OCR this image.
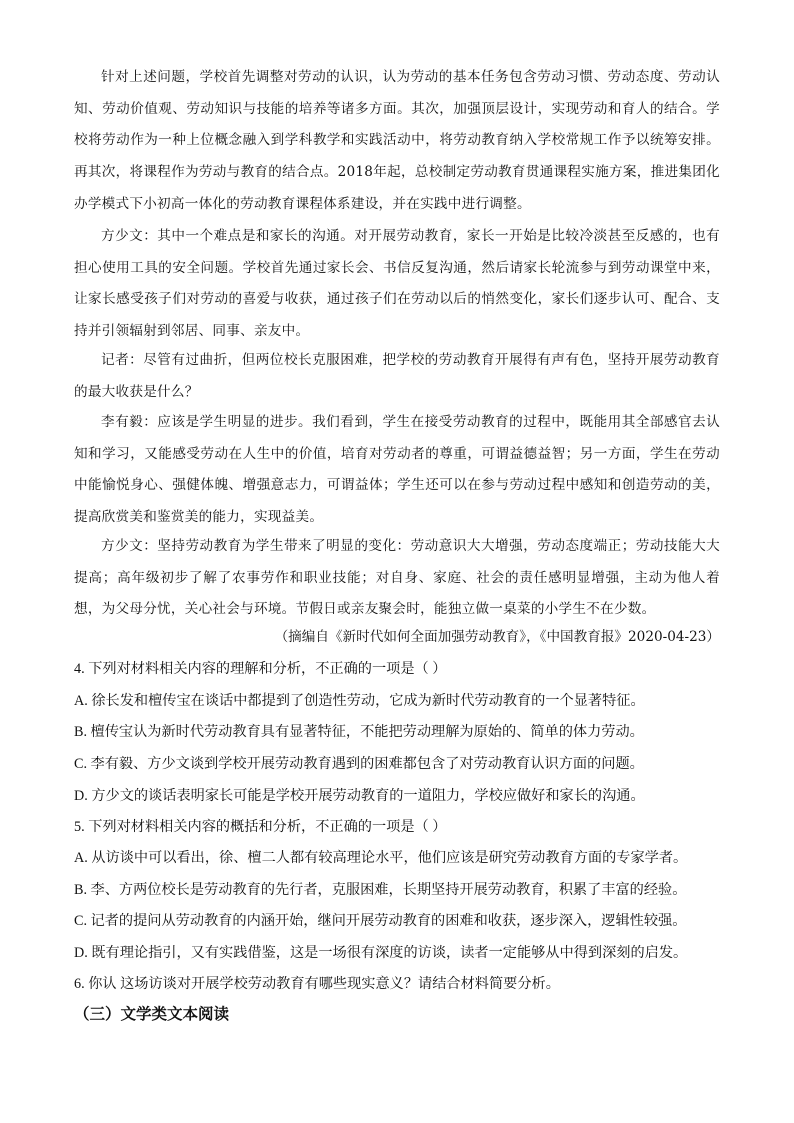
针对上述问题，学校首先调整对劳动的认识，认为劳动的基本任务包含劳动习惯、劳动态度、劳动认知、劳动价值观、劳动知识与技能的培养等诸多方面。其次，加强顶层设计，实现劳动和育人的结合。学校将劳动作为一种上位概念融入到学科教学和实践活动中，将劳动教育纳入学校常规工作予以统筹安排。再其次，将课程作为劳动与教育的结合点。2018年起，总校制定劳动教育贯通课程实施方案，推进集团化办学模式下小初高一体化的劳动教育课程体系建设，并在实践中进行调整。

方少文：其中一个难点是和家长的沟通。对开展劳动教育，家长一开始是比较冷淡甚至反感的，也有担心使用工具的安全问题。学校首先通过家长会、书信反复沟通，然后请家长轮流参与到劳动课堂中来，让家长感受孩子们对劳动的喜爱与收获，通过孩子们在劳动以后的悄然变化，家长们逐步认可、配合、支持并引领辐射到邻居、同事、亲友中。

记者：尽管有过曲折，但两位校长克服困难，把学校的劳动教育开展得有声有色，坚持开展劳动教育的最大收获是什么？

李有毅：应该是学生明显的进步。我们看到，学生在接受劳动教育的过程中，既能用其全部感官去认知和学习，又能感受劳动在人生中的价值，培育对劳动者的尊重，可谓益德益智；另一方面，学生在劳动中能愉悦身心、强健体魄、增强意志力，可谓益体；学生还可以在参与劳动过程中感知和创造劳动的美，提高欣赏美和鉴赏美的能力，实现益美。

方少文：坚持劳动教育为学生带来了明显的变化：劳动意识大大增强，劳动态度端正；劳动技能大大提高；高年级初步了解了农事劳作和职业技能；对自身、家庭、社会的责任感明显增强，主动为他人着想，为父母分忧，关心社会与环境。节假日或亲友聚会时，能独立做一桌菜的小学生不在少数。

（摘编自《新时代如何全面加强劳动教育》，《中国教育报》2020-04-23）
4. 下列对材料相关内容的理解和分析，不正确的一项是（ ）
A. 徐长发和檀传宝在谈话中都提到了创造性劳动，它成为新时代劳动教育的一个显著特征。
B. 檀传宝认为新时代劳动教育具有显著特征，不能把劳动理解为原始的、简单的体力劳动。
C. 李有毅、方少文谈到学校开展劳动教育遇到的困难都包含了对劳动教育认识方面的问题。
D. 方少文的谈话表明家长可能是学校开展劳动教育的一道阻力，学校应做好和家长的沟通。
5. 下列对材料相关内容的概括和分析，不正确的一项是（ ）
A. 从访谈中可以看出，徐、檀二人都有较高理论水平，他们应该是研究劳动教育方面的专家学者。
B. 李、方两位校长是劳动教育的先行者，克服困难，长期坚持开展劳动教育，积累了丰富的经验。
C. 记者的提问从劳动教育的内涵开始，继问开展劳动教育的困难和收获，逐步深入，逻辑性较强。
D. 既有理论指引，又有实践借鉴，这是一场很有深度的访谈，读者一定能够从中得到深刻的启发。
6. 你认 这场访谈对开展学校劳动教育有哪些现实意义？请结合材料简要分析。
（三）文学类文本阅读
